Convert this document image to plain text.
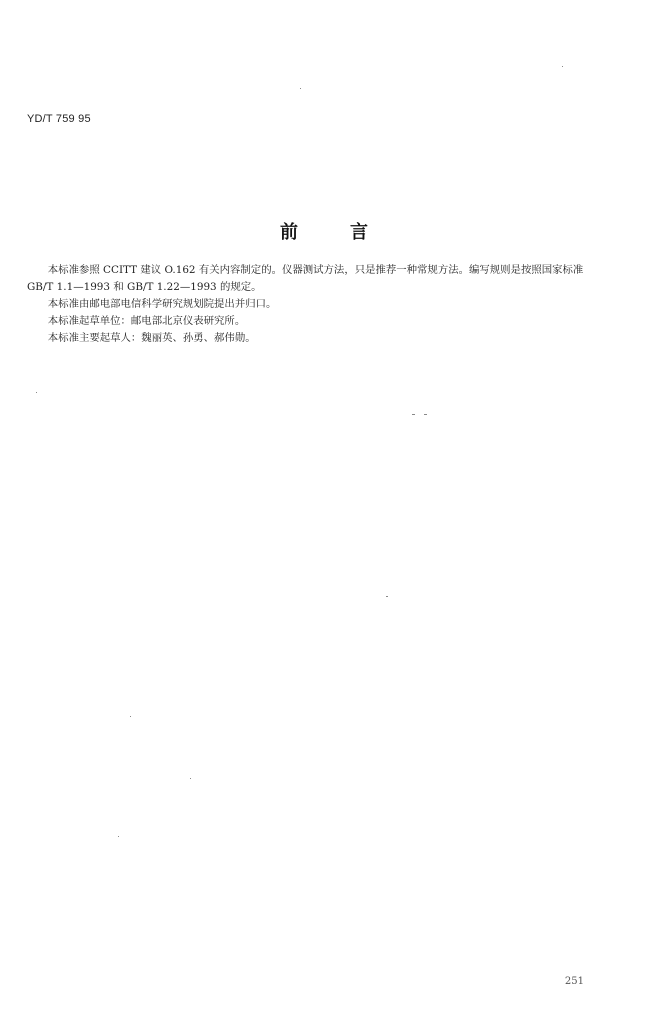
YD/T 759 95
前言

本标准参照 CCITT 建议 O.162 有关内容制定的。仪器测试方法，只是推荐一种常规方法。编写规则是按照国家标准 GB/T 1.1—1993 和 GB/T 1.22—1993 的规定。

本标准由邮电部电信科学研究规划院提出并归口。

本标准起草单位：邮电部北京仪表研究所。

本标准主要起草人：魏丽英、孙勇、郝伟勋。

251
